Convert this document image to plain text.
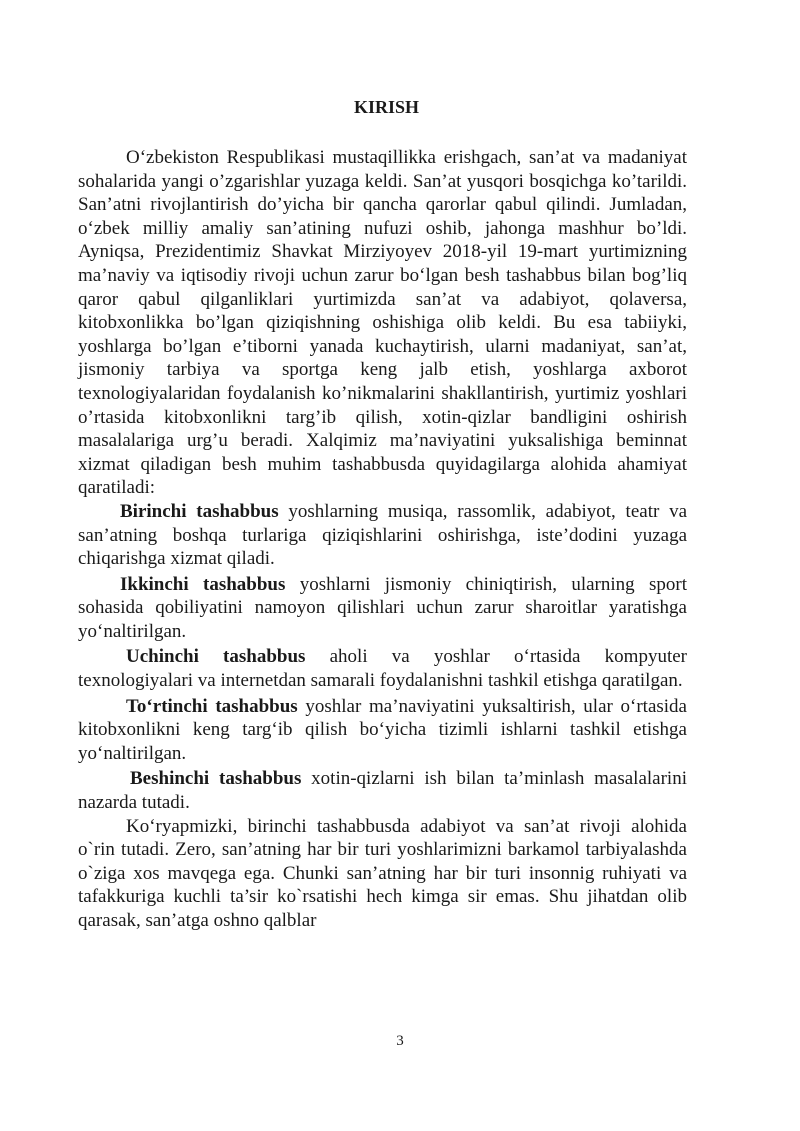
KIRISH

O‘zbekiston Respublikasi mustaqillikka erishgach, san’at va madaniyat sohalarida yangi o’zgarishlar yuzaga keldi. San’at yusqori bosqichga ko’tarildi. San’atni rivojlantirish do’yicha bir qancha qarorlar qabul qilindi. Jumladan, o‘zbek milliy amaliy san’atining nufuzi oshib, jahonga mashhur bo’ldi. Ayniqsa, Prezidentimiz Shavkat Mirziyoyev 2018-yil 19-mart yurtimizning ma’naviy va iqtisodiy rivoji uchun zarur bo‘lgan besh tashabbus bilan bog’liq qaror qabul qilganliklari yurtimizda san’at va adabiyot, qolaversa, kitobxonlikka bo’lgan qiziqishning oshishiga olib keldi. Bu esa tabiiyki, yoshlarga bo’lgan e’tiborni yanada kuchaytirish, ularni madaniyat, san’at, jismoniy tarbiya va sportga keng jalb etish, yoshlarga axborot texnologiyalaridan foydalanish ko’nikmalarini shakllantirish, yurtimiz yoshlari o’rtasida kitobxonlikni targ’ib qilish, xotin-qizlar bandligini oshirish masalalariga urg’u beradi. Xalqimiz ma’naviyatini yuksalishiga beminnat xizmat qiladigan besh muhim tashabbusda quyidagilarga alohida ahamiyat qaratiladi:

Birinchi tashabbus yoshlarning musiqa, rassomlik, adabiyot, teatr va san’atning boshqa turlariga qiziqishlarini oshirishga, iste’dodini yuzaga chiqarishga xizmat qiladi.

Ikkinchi tashabbus yoshlarni jismoniy chiniqtirish, ularning sport sohasida qobiliyatini namoyon qilishlari uchun zarur sharoitlar yaratishga yo‘naltirilgan.

Uchinchi tashabbus aholi va yoshlar o‘rtasida kompyuter texnologiyalari va internetdan samarali foydalanishni tashkil etishga qaratilgan.

To‘rtinchi tashabbus yoshlar ma’naviyatini yuksaltirish, ular o‘rtasida kitobxonlikni keng targ‘ib qilish bo‘yicha tizimli ishlarni tashkil etishga yo‘naltirilgan.

Beshinchi tashabbus xotin-qizlarni ish bilan ta’minlash masalalarini nazarda tutadi.

Ko‘ryapmizki, birinchi tashabbusda adabiyot va san’at rivoji alohida o`rin tutadi. Zero, san’atning har bir turi yoshlarimizni barkamol tarbiyalashda o`ziga xos mavqega ega. Chunki san’atning har bir turi insonnig ruhiyati va tafakkuriga kuchli ta’sir ko`rsatishi hech kimga sir emas. Shu jihatdan olib qarasak, san’atga oshno qalblar

3
